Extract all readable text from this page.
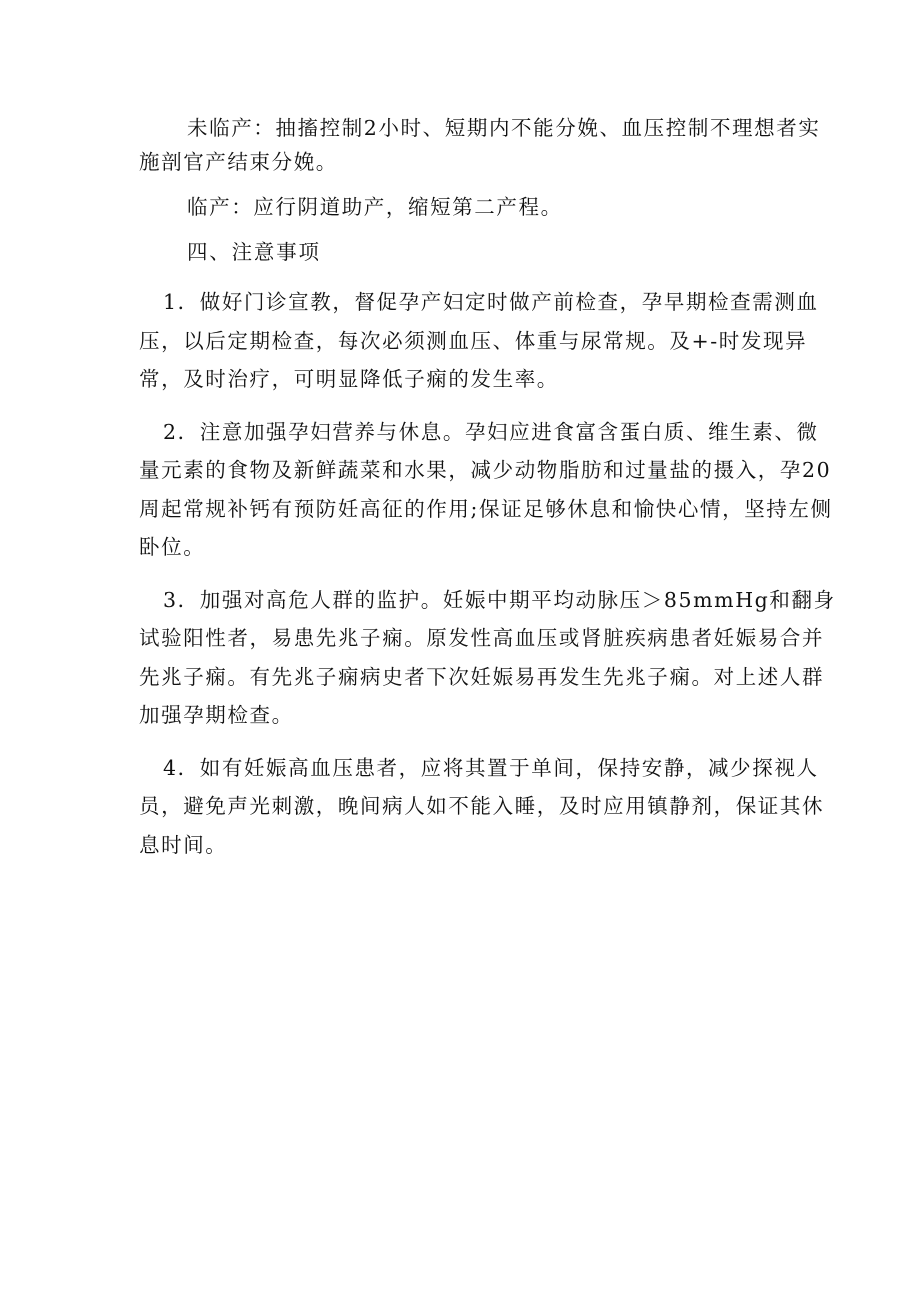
未临产：抽搐控制2小时、短期内不能分娩、血压控制不理想者实施剖官产结束分娩。

临产：应行阴道助产，缩短第二产程。

四、注意事项

1．做好门诊宣教，督促孕产妇定时做产前检查，孕早期检查需测血压，以后定期检查，每次必须测血压、体重与尿常规。及+-时发现异常，及时治疗，可明显降低子痫的发生率。

2．注意加强孕妇营养与休息。孕妇应进食富含蛋白质、维生素、微量元素的食物及新鲜蔬菜和水果，减少动物脂肪和过量盐的摄入，孕20周起常规补钙有预防妊高征的作用;保证足够休息和愉快心情，坚持左侧卧位。

3．加强对高危人群的监护。妊娠中期平均动脉压＞85mmHg和翻身试验阳性者，易患先兆子痫。原发性高血压或肾脏疾病患者妊娠易合并先兆子痫。有先兆子痫病史者下次妊娠易再发生先兆子痫。对上述人群加强孕期检查。

4．如有妊娠高血压患者，应将其置于单间，保持安静，减少探视人员，避免声光刺激，晚间病人如不能入睡，及时应用镇静剂，保证其休息时间。
